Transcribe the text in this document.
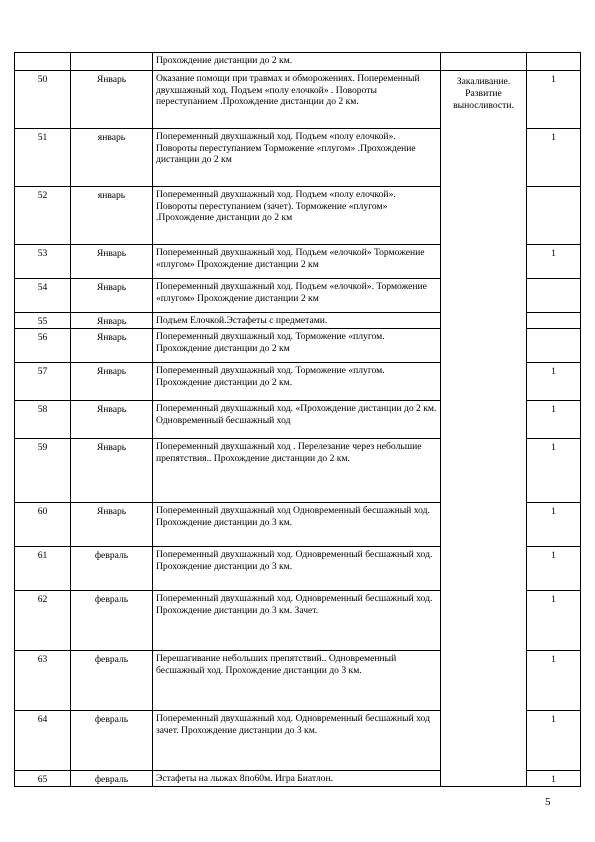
		Прохождение дистанции до 2 км.		
50	Январь	Оказание помощи при травмах и обморожениях. Попеременный двухшажный ход. Подъем «полу елочкой» . Повороты переступанием .Прохождение дистанции до 2 км.	Закаливание. Развитие выносливости.	1
51	январь	Попеременный двухшажный ход. Подъем «полу елочкой». Повороты переступанием Торможение «плугом» .Прохождение дистанции до 2 км		1
52	январь	Попеременный двухшажный ход. Подъем «полу елочкой». Повороты переступанием (зачет). Торможение «плугом» .Прохождение дистанции до 2 км		
53	Январь	Попеременный двухшажный ход. Подъем «елочкой» Торможение «плугом» Прохождение дистанции 2 км		1
54	Январь	Попеременный двухшажный ход. Подъем «елочкой». Торможение «плугом» Прохождение дистанции 2 км		
55	Январь	Подъем Елочкой.Эстафеты с предметами.		
56	Январь	Попеременный двухшажный ход. Торможение «плугом. Прохождение дистанции до 2 км		
57	Январь	Попеременный двухшажный ход. Торможение «плугом. Прохождение дистанции до 2 км.		1
58	Январь	Попеременный двухшажный ход. «Прохождение дистанции до 2 км. Одновременный бесшажный ход		1
59	Январь	Попеременный двухшажный ход . Перелезание через небольшие препятствия.. Прохождение дистанции до 2 км.		1
60	Январь	Попеременный двухшажный ход Одновременный бесшажный ход. Прохождение дистанции до 3 км.		1
61	февраль	Попеременный двухшажный ход. Одновременный бесшажный ход. Прохождение дистанции до 3 км.		1
62	февраль	Попеременный двухшажный ход. Одновременный бесшажный ход. Прохождение дистанции до 3 км. Зачет.		1
63	февраль	Перешагивание небольших препятствий.. Одновременный бесшажный ход. Прохождение дистанции до 3 км.		1
64	февраль	Попеременный двухшажный ход. Одновременный бесшажный ход зачет. Прохождение дистанции до 3 км.		1
65	февраль	Эстафеты на лыжах 8по60м. Игра Биатлон.		1
5
